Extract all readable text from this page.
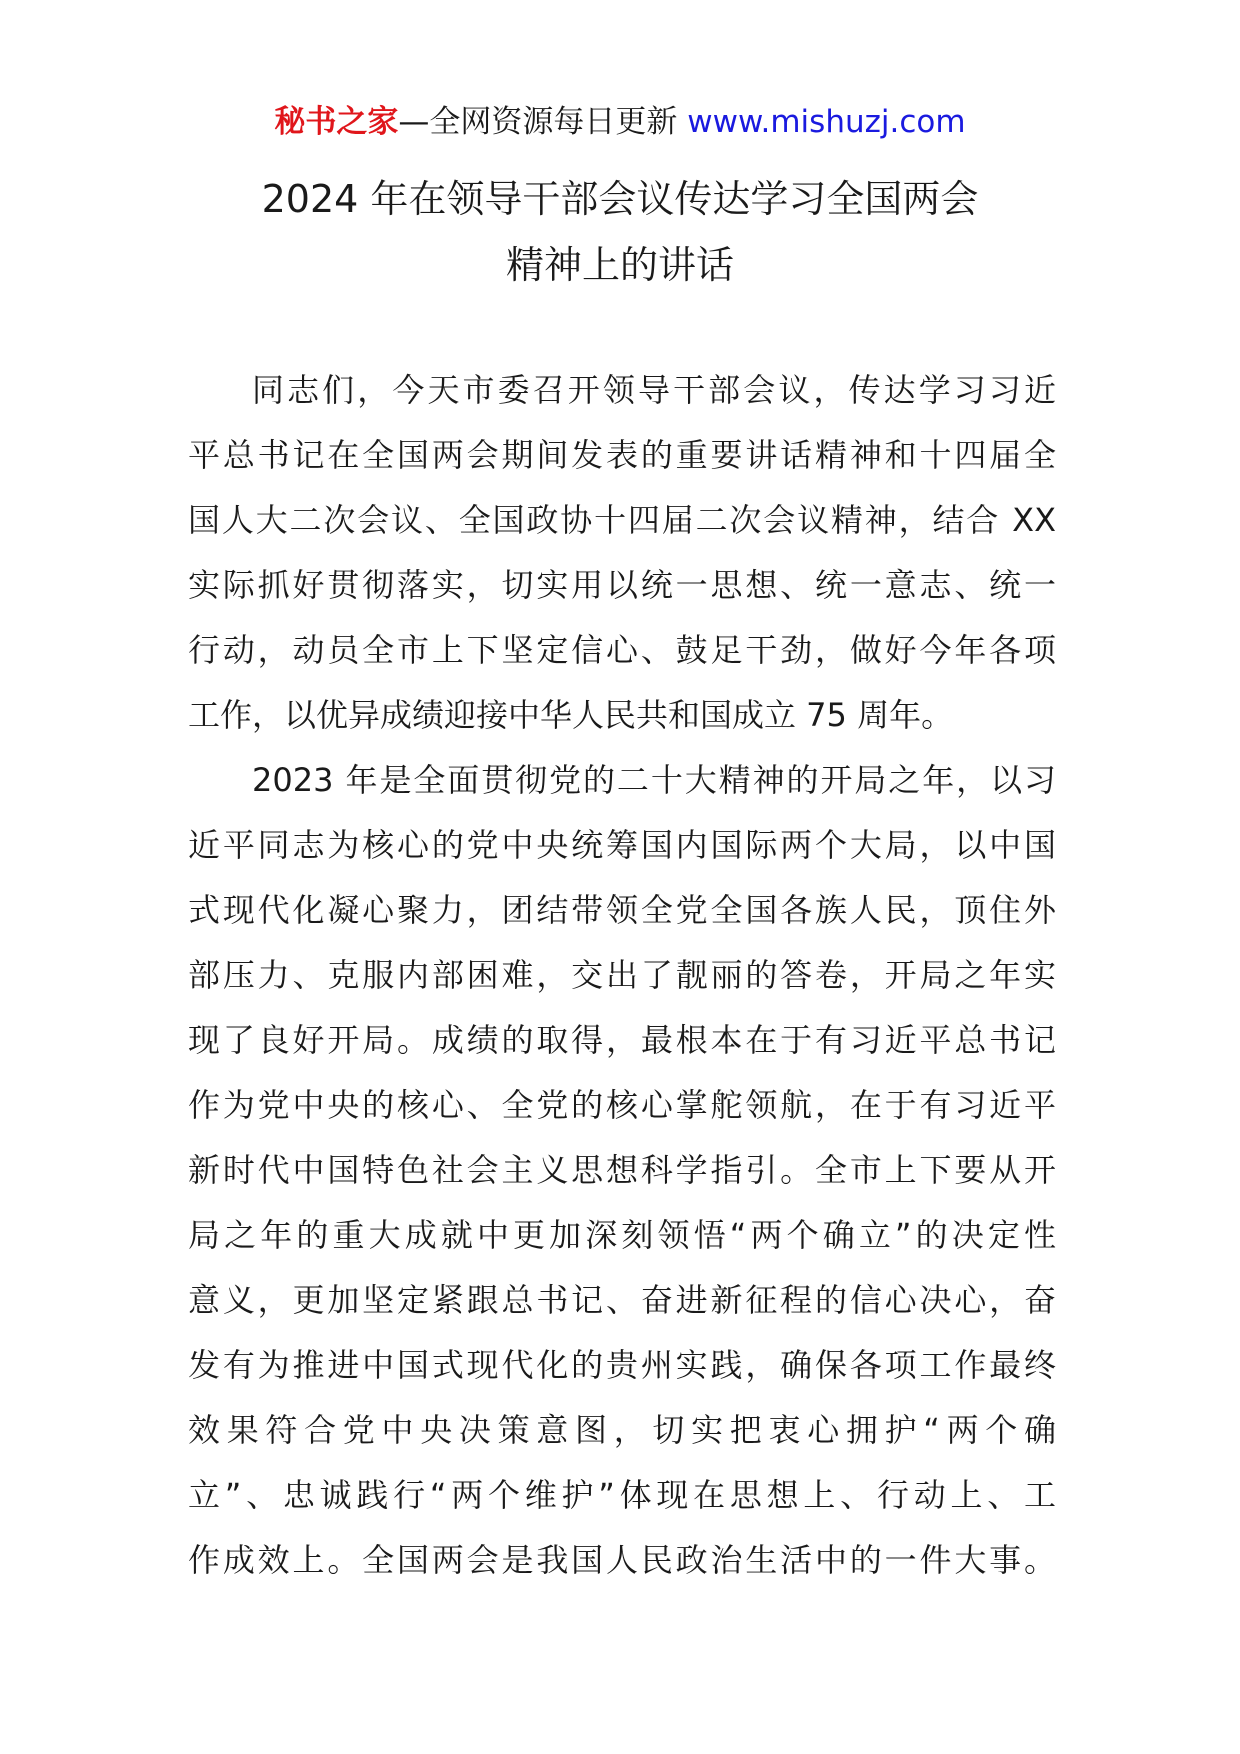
秘书之家—全网资源每日更新 www.mishuzj.com
2024 年在领导干部会议传达学习全国两会
精神上的讲话
同志们，今天市委召开领导干部会议，传达学习习近
平总书记在全国两会期间发表的重要讲话精神和十四届全
国人大二次会议、全国政协十四届二次会议精神，结合 XX
实际抓好贯彻落实，切实用以统一思想、统一意志、统一
行动，动员全市上下坚定信心、鼓足干劲，做好今年各项
工作，以优异成绩迎接中华人民共和国成立 75 周年。
2023 年是全面贯彻党的二十大精神的开局之年，以习
近平同志为核心的党中央统筹国内国际两个大局，以中国
式现代化凝心聚力，团结带领全党全国各族人民，顶住外
部压力、克服内部困难，交出了靓丽的答卷，开局之年实
现了良好开局。成绩的取得，最根本在于有习近平总书记
作为党中央的核心、全党的核心掌舵领航，在于有习近平
新时代中国特色社会主义思想科学指引。全市上下要从开
局之年的重大成就中更加深刻领悟“两个确立”的决定性
意义，更加坚定紧跟总书记、奋进新征程的信心决心，奋
发有为推进中国式现代化的贵州实践，确保各项工作最终
效果符合党中央决策意图，切实把衷心拥护“两个确
立”、忠诚践行“两个维护”体现在思想上、行动上、工
作成效上。全国两会是我国人民政治生活中的一件大事。
